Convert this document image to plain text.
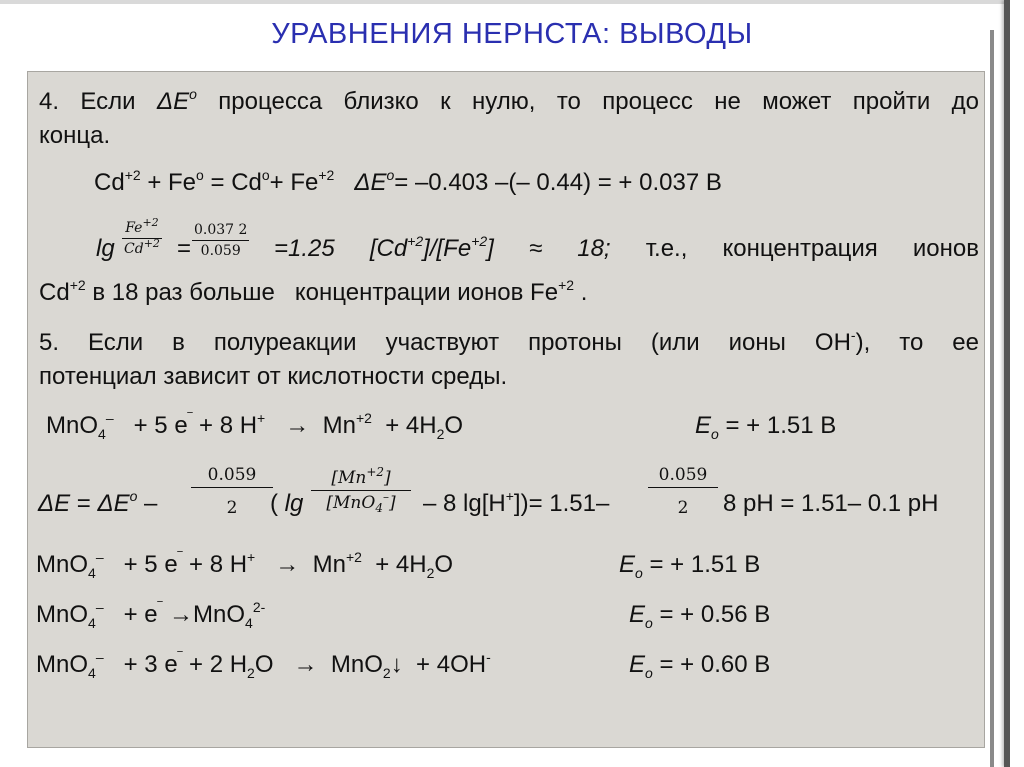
УРАВНЕНИЯ НЕРНСТА: ВЫВОДЫ
4. Если $\Delta E^o$ процесса близко к нулю, то процесс не может пройти до
конца.
$Cd^{+2} + Fe^o = Cd^o+ Fe^{+2}$ $\Delta E^o= -0.403$ –(– 0.44) = + 0.037 В
lg
$Fe^{+2}$
$Cd^{+2}$ =
0.037 2
0.059 =1.25 $[Cd^{+2}]/[Fe^{+2}] \approx 18$; т.е., концентрация ионов
$Cd^{+2}$ в 18 раз больше концентрации ионов $Fe^{+2}$ .
5. Если в полуреакции участвуют протоны (или ионы ОН-), то ее
потенциал зависит от кислотности среды.
MnO$_4$– + 5 e‾ + 8 $H^+ \to Mn^{+2} + 4H_2O$	$E_o$ = + 1.51 В
$\Delta E = \Delta E^o$ –
0.059
2 ( lg
$[Mn^{+2}]$
[MnO$_4$–] – 8 lg[H+])= 1.51–
0.059
2 8 pH = 1.51– 0.1 pH
MnO$_4$– + 5 e‾ + 8 $H^+ \to Mn^{+2} + 4H_2O$	$E_o$ = + 1.51 В
MnO$_4$– + e‾ →MnO$_4^{2-}$	$E_o$ = + 0.56 В
MnO$_4$– + 3 e‾ + 2 $H_2O$ → MnO$_2$↓ + 4OH-	$E_o$ = + 0.60 В
